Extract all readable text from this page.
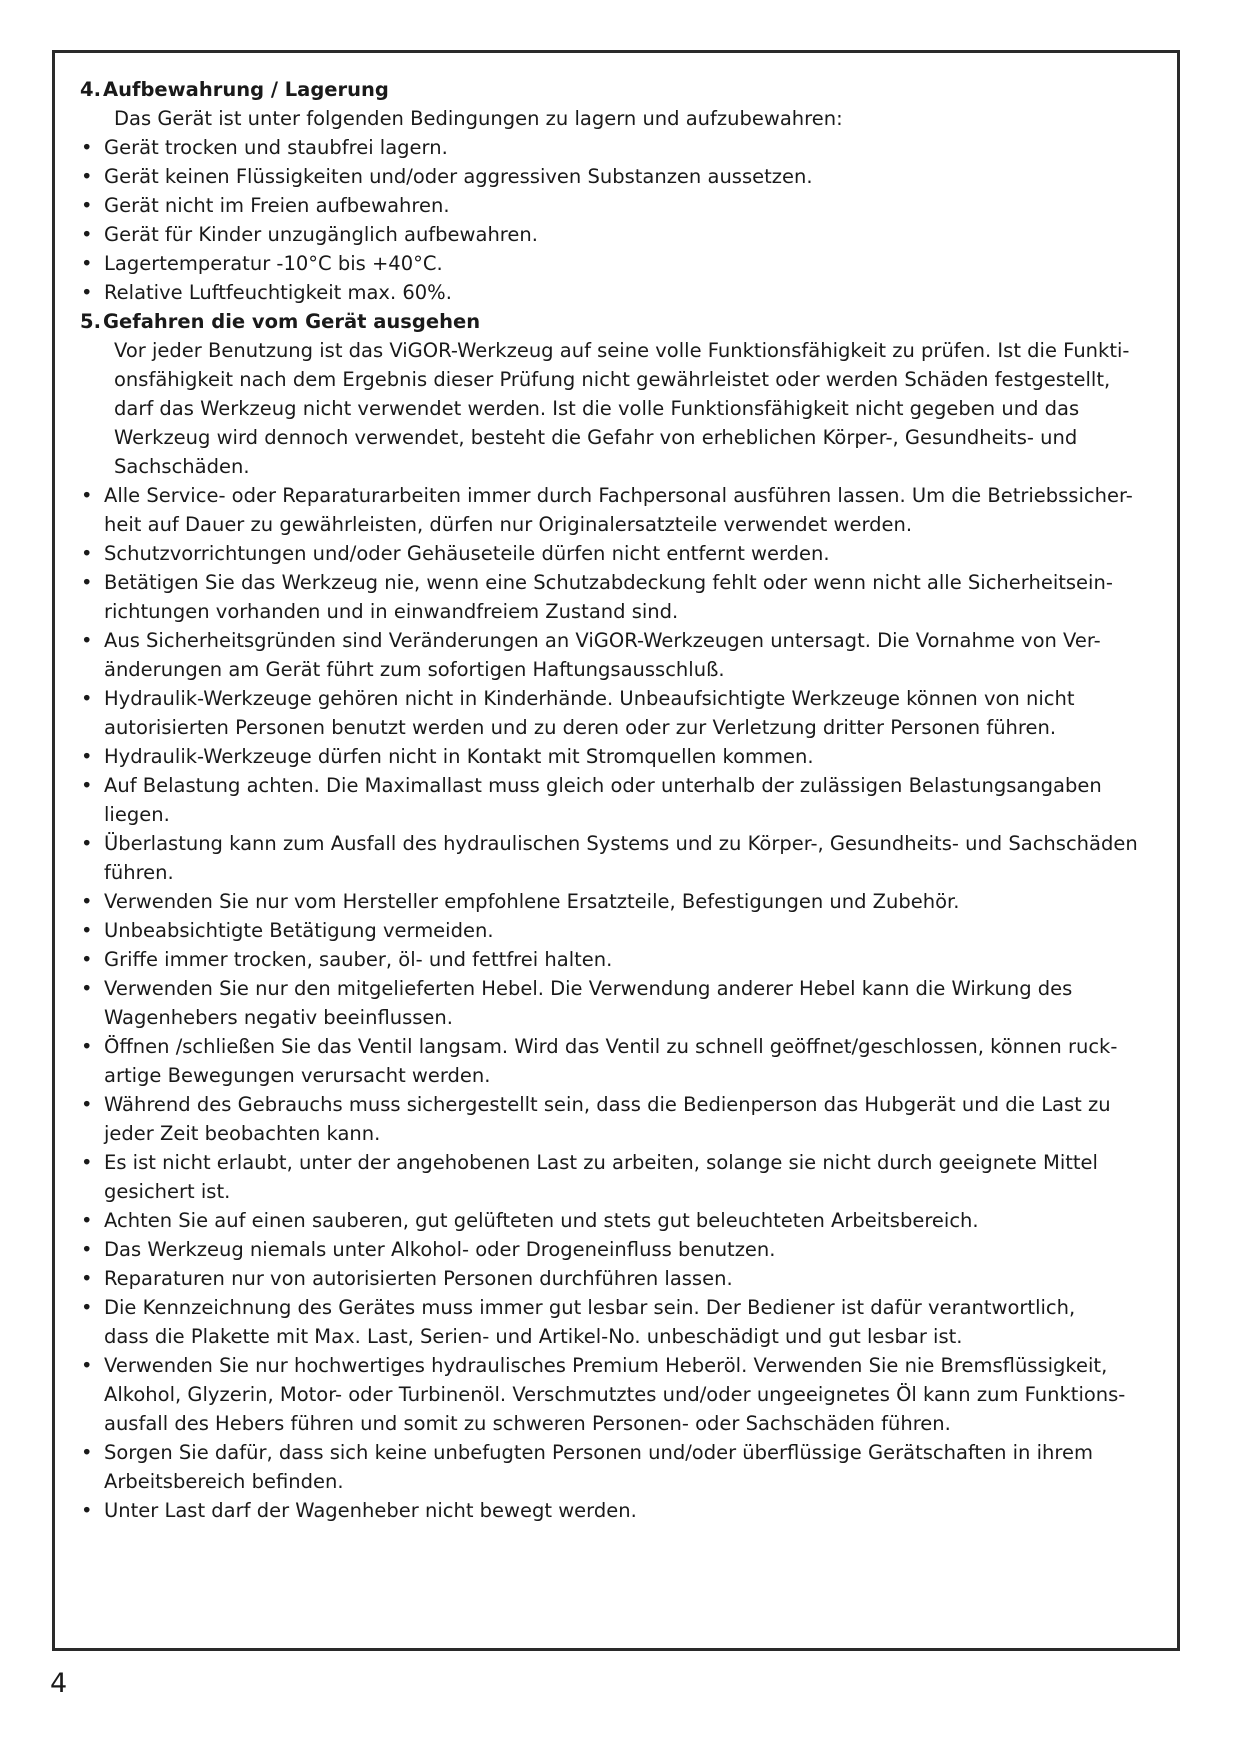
4. Aufbewahrung / Lagerung
Das Gerät ist unter folgenden Bedingungen zu lagern und aufzubewahren:
• Gerät trocken und staubfrei lagern.
• Gerät keinen Flüssigkeiten und/oder aggressiven Substanzen aussetzen.
• Gerät nicht im Freien aufbewahren.
• Gerät für Kinder unzugänglich aufbewahren.
• Lagertemperatur -10°C bis +40°C.
• Relative Luftfeuchtigkeit max. 60%.
5. Gefahren die vom Gerät ausgehen
Vor jeder Benutzung ist das ViGOR-Werkzeug auf seine volle Funktionsfähigkeit zu prüfen. Ist die Funkti-
onsfähigkeit nach dem Ergebnis dieser Prüfung nicht gewährleistet oder werden Schäden festgestellt,
darf das Werkzeug nicht verwendet werden. Ist die volle Funktionsfähigkeit nicht gegeben und das
Werkzeug wird dennoch verwendet, besteht die Gefahr von erheblichen Körper-, Gesundheits- und
Sachschäden.
• Alle Service- oder Reparaturarbeiten immer durch Fachpersonal ausführen lassen. Um die Betriebssicher-
heit auf Dauer zu gewährleisten, dürfen nur Originalersatzteile verwendet werden.
• Schutzvorrichtungen und/oder Gehäuseteile dürfen nicht entfernt werden.
• Betätigen Sie das Werkzeug nie, wenn eine Schutzabdeckung fehlt oder wenn nicht alle Sicherheitsein-
richtungen vorhanden und in einwandfreiem Zustand sind.
• Aus Sicherheitsgründen sind Veränderungen an ViGOR-Werkzeugen untersagt. Die Vornahme von Ver-
änderungen am Gerät führt zum sofortigen Haftungsausschluß.
• Hydraulik-Werkzeuge gehören nicht in Kinderhände. Unbeaufsichtigte Werkzeuge können von nicht
autorisierten Personen benutzt werden und zu deren oder zur Verletzung dritter Personen führen.
• Hydraulik-Werkzeuge dürfen nicht in Kontakt mit Stromquellen kommen.
• Auf Belastung achten. Die Maximallast muss gleich oder unterhalb der zulässigen Belastungsangaben
liegen.
• Überlastung kann zum Ausfall des hydraulischen Systems und zu Körper-, Gesundheits- und Sachschäden
führen.
• Verwenden Sie nur vom Hersteller empfohlene Ersatzteile, Befestigungen und Zubehör.
• Unbeabsichtigte Betätigung vermeiden.
• Griffe immer trocken, sauber, öl- und fettfrei halten.
• Verwenden Sie nur den mitgelieferten Hebel. Die Verwendung anderer Hebel kann die Wirkung des
Wagenhebers negativ beeinflussen.
• Öffnen /schließen Sie das Ventil langsam. Wird das Ventil zu schnell geöffnet/geschlossen, können ruck-
artige Bewegungen verursacht werden.
• Während des Gebrauchs muss sichergestellt sein, dass die Bedienperson das Hubgerät und die Last zu
jeder Zeit beobachten kann.
• Es ist nicht erlaubt, unter der angehobenen Last zu arbeiten, solange sie nicht durch geeignete Mittel
gesichert ist.
• Achten Sie auf einen sauberen, gut gelüfteten und stets gut beleuchteten Arbeitsbereich.
• Das Werkzeug niemals unter Alkohol- oder Drogeneinfluss benutzen.
• Reparaturen nur von autorisierten Personen durchführen lassen.
• Die Kennzeichnung des Gerätes muss immer gut lesbar sein. Der Bediener ist dafür verantwortlich,
dass die Plakette mit Max. Last, Serien- und Artikel-No. unbeschädigt und gut lesbar ist.
• Verwenden Sie nur hochwertiges hydraulisches Premium Heberöl. Verwenden Sie nie Bremsflüssigkeit,
Alkohol, Glyzerin, Motor- oder Turbinenöl. Verschmutztes und/oder ungeeignetes Öl kann zum Funktions-
ausfall des Hebers führen und somit zu schweren Personen- oder Sachschäden führen.
• Sorgen Sie dafür, dass sich keine unbefugten Personen und/oder überflüssige Gerätschaften in ihrem
Arbeitsbereich befinden.
• Unter Last darf der Wagenheber nicht bewegt werden.
4
